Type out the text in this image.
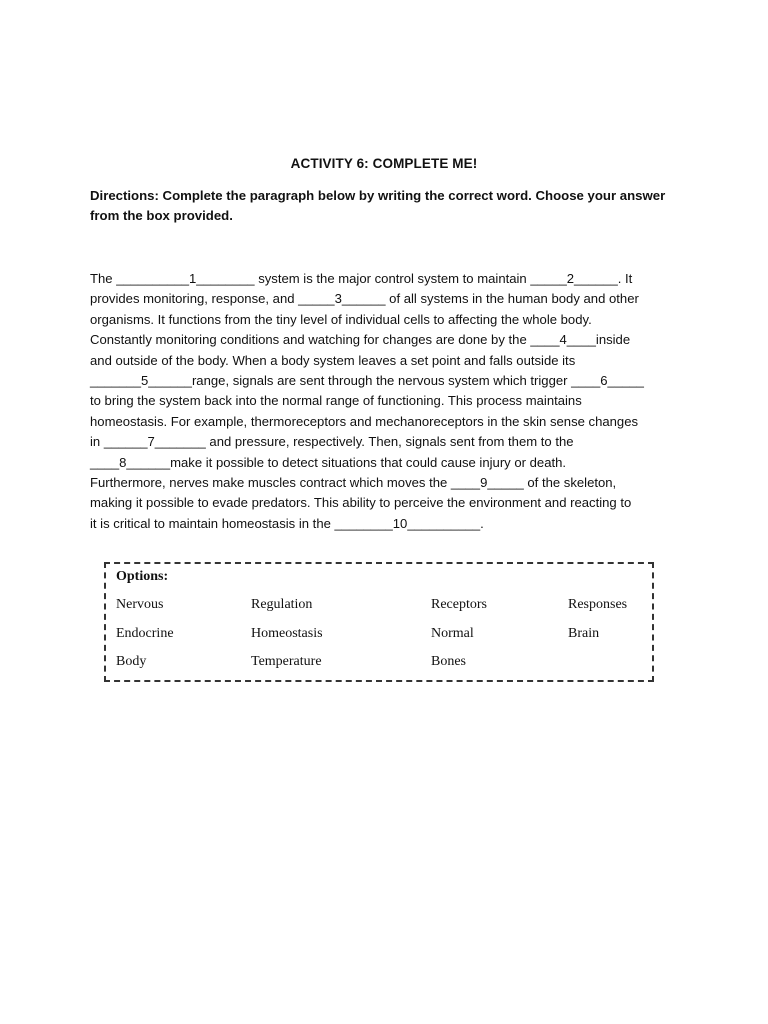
ACTIVITY 6: COMPLETE ME!
Directions: Complete the paragraph below by writing the correct word. Choose your answer
from the box provided.
The __________1________ system is the major control system to maintain _____2______. It
provides monitoring, response, and _____3______ of all systems in the human body and other
organisms. It functions from the tiny level of individual cells to affecting the whole body.
Constantly monitoring conditions and watching for changes are done by the ____4____inside
and outside of the body. When a body system leaves a set point and falls outside its
_______5______range, signals are sent through the nervous system which trigger ____6_____
to bring the system back into the normal range of functioning. This process maintains
homeostasis. For example, thermoreceptors and mechanoreceptors in the skin sense changes
in ______7_______ and pressure, respectively. Then, signals sent from them to the
____8______make it possible to detect situations that could cause injury or death.
Furthermore, nerves make muscles contract which moves the ____9_____ of the skeleton,
making it possible to evade predators. This ability to perceive the environment and reacting to
it is critical to maintain homeostasis in the ________10__________.
Options:
Nervous	Regulation	Receptors	Responses
Endocrine	Homeostasis	Normal	Brain
Body	Temperature	Bones
